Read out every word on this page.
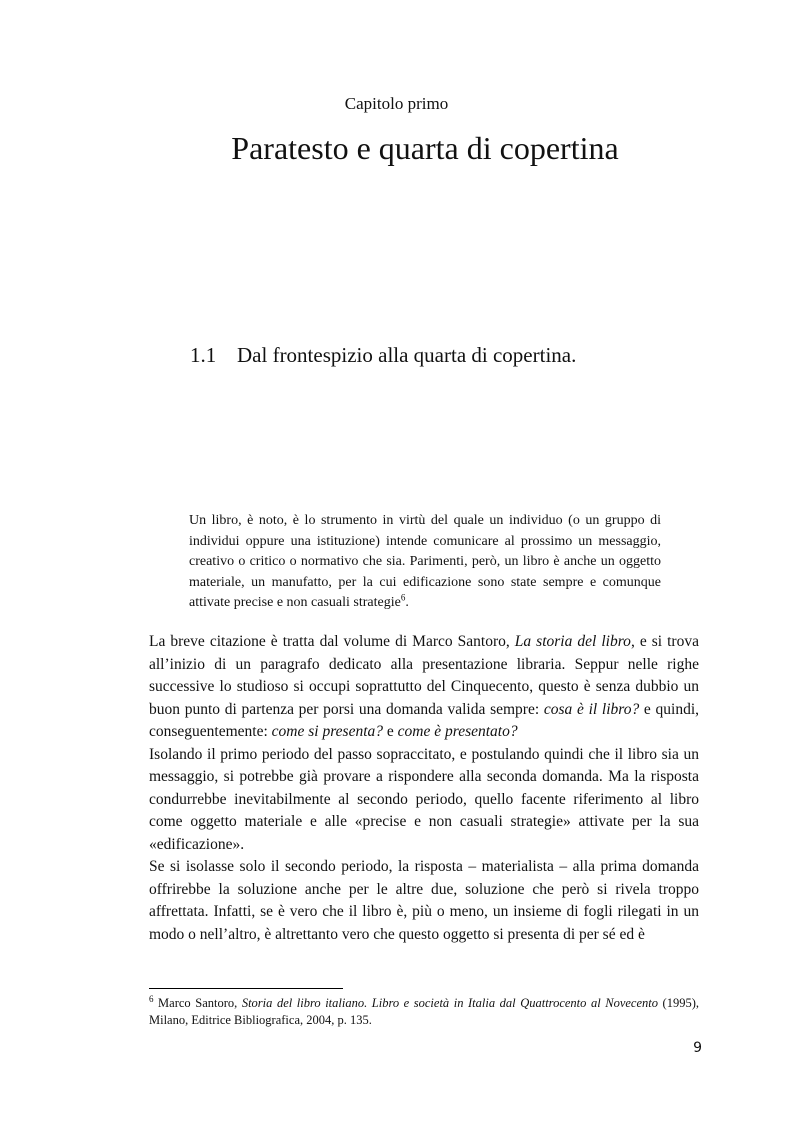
Capitolo primo
Paratesto e quarta di copertina
1.1 Dal frontespizio alla quarta di copertina.
Un libro, è noto, è lo strumento in virtù del quale un individuo (o un gruppo di individui oppure una istituzione) intende comunicare al prossimo un messaggio, creativo o critico o normativo che sia. Parimenti, però, un libro è anche un oggetto materiale, un manufatto, per la cui edificazione sono state sempre e comunque attivate precise e non casuali strategie$^6$.

La breve citazione è tratta dal volume di Marco Santoro, La storia del libro, e si trova all’inizio di un paragrafo dedicato alla presentazione libraria. Seppur nelle righe successive lo studioso si occupi soprattutto del Cinquecento, questo è senza dubbio un buon punto di partenza per porsi una domanda valida sempre: cosa è il libro? e quindi, conseguentemente: come si presenta? e come è presentato?

Isolando il primo periodo del passo sopraccitato, e postulando quindi che il libro sia un messaggio, si potrebbe già provare a rispondere alla seconda domanda. Ma la risposta condurrebbe inevitabilmente al secondo periodo, quello facente riferimento al libro come oggetto materiale e alle «precise e non casuali strategie» attivate per la sua «edificazione».

Se si isolasse solo il secondo periodo, la risposta – materialista – alla prima domanda offrirebbe la soluzione anche per le altre due, soluzione che però si rivela troppo affrettata. Infatti, se è vero che il libro è, più o meno, un insieme di fogli rilegati in un modo o nell’altro, è altrettanto vero che questo oggetto si presenta di per sé ed è

$^6$ Marco Santoro, Storia del libro italiano. Libro e società in Italia dal Quattrocento al Novecento (1995), Milano, Editrice Bibliografica, 2004, p. 135.
9
